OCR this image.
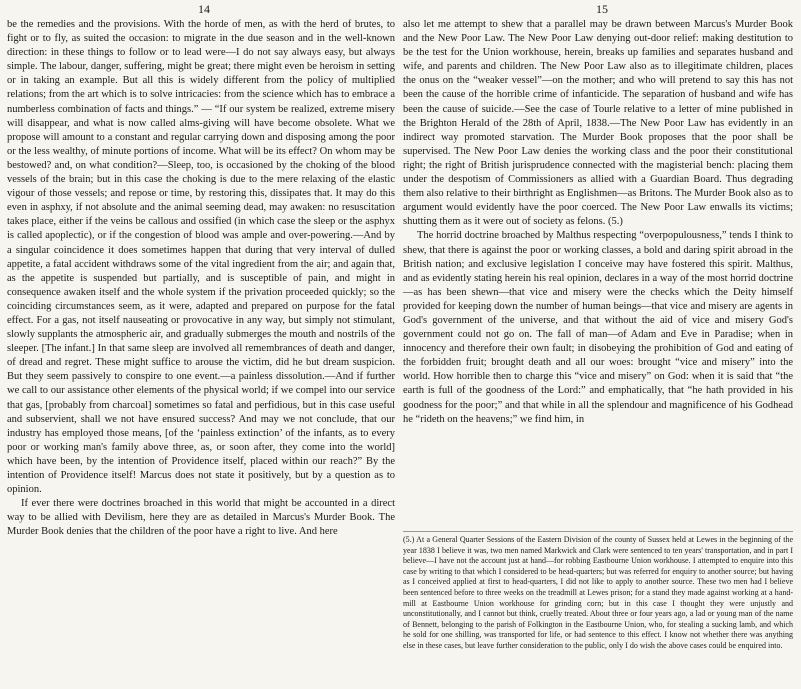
14	15

be the remedies and the provisions. With the horde of men, as with the herd of brutes, to fight or to fly, as suited the occasion: to migrate in the due season and in the well-known direction: in these things to follow or to lead were—I do not say always easy, but always simple. The labour, danger, suffering, might be great; there might even be heroism in setting or in taking an example. But all this is widely different from the policy of multiplied relations; from the art which is to solve intricacies: from the science which has to embrace a numberless combination of facts and things.” — “If our system be realized, extreme misery will disappear, and what is now called alms-giving will have become obsolete. What we propose will amount to a constant and regular carrying down and disposing among the poor or the less wealthy, of minute portions of income. What will be its effect? On whom may be bestowed? and, on what condition?—Sleep, too, is occasioned by the choking of the blood vessels of the brain; but in this case the choking is due to the mere relaxing of the elastic vigour of those vessels; and repose or time, by restoring this, dissipates that. It may do this even in asphxy, if not absolute and the animal seeming dead, may awaken: no resuscitation takes place, either if the veins be callous and ossified (in which case the sleep or the asphyx is called apoplectic), or if the congestion of blood was ample and over-powering.—And by a singular coincidence it does sometimes happen that during that very interval of dulled appetite, a fatal accident withdraws some of the vital ingredient from the air; and again that, as the appetite is suspended but partially, and is susceptible of pain, and might in consequence awaken itself and the whole system if the privation proceeded quickly; so the coinciding circumstances seem, as it were, adapted and prepared on purpose for the fatal effect. For a gas, not itself nauseating or provocative in any way, but simply not stimulant, slowly supplants the atmospheric air, and gradually submerges the mouth and nostrils of the sleeper. [The infant.] In that same sleep are involved all remembrances of death and danger, of dread and regret. These might suffice to arouse the victim, did he but dream suspicion. But they seem passively to conspire to one event.—a painless dissolution.—And if further we call to our assistance other elements of the physical world; if we compel into our service that gas, [probably from charcoal] sometimes so fatal and perfidious, but in this case useful and subservient, shall we not have ensured success? And may we not conclude, that our industry has employed those means, [of the ‘painless extinction’ of the infants, as to every poor or working man's family above three, as, or soon after, they come into the world] which have been, by the intention of Providence itself, placed within our reach?” By the intention of Providence itself! Marcus does not state it positively, but by a question as to opinion.

If ever there were doctrines broached in this world that might be accounted in a direct way to be allied with Devilism, here they are as detailed in Marcus's Murder Book. The Murder Book denies that the children of the poor have a right to live. And here

also let me attempt to shew that a parallel may be drawn between Marcus's Murder Book and the New Poor Law. The New Poor Law denying out-door relief: making destitution to be the test for the Union workhouse, herein, breaks up families and separates husband and wife, and parents and children. The New Poor Law also as to illegitimate children, places the onus on the “weaker vessel”—on the mother; and who will pretend to say this has not been the cause of the horrible crime of infanticide. The separation of husband and wife has been the cause of suicide.—See the case of Tourle relative to a letter of mine published in the Brighton Herald of the 28th of April, 1838.—The New Poor Law has evidently in an indirect way promoted starvation. The Murder Book proposes that the poor shall be supervised. The New Poor Law denies the working class and the poor their constitutional right; the right of British jurisprudence connected with the magisterial bench: placing them under the despotism of Commissioners as allied with a Guardian Board. Thus degrading them also relative to their birthright as Englishmen—as Britons. The Murder Book also as to argument would evidently have the poor coerced. The New Poor Law enwalls its victims; shutting them as it were out of society as felons. (5.)

The horrid doctrine broached by Malthus respecting “overpopulousness,” tends I think to shew, that there is against the poor or working classes, a bold and daring spirit abroad in the British nation; and exclusive legislation I conceive may have fostered this spirit. Malthus, and as evidently stating herein his real opinion, declares in a way of the most horrid doctrine—as has been shewn—that vice and misery were the checks which the Deity himself provided for keeping down the number of human beings—that vice and misery are agents in God's government of the universe, and that without the aid of vice and misery God's government could not go on. The fall of man—of Adam and Eve in Paradise; when in innocency and therefore their own fault; in disobeying the prohibition of God and eating of the forbidden fruit; brought death and all our woes: brought “vice and misery” into the world. How horrible then to charge this “vice and misery” on God: when it is said that “the earth is full of the goodness of the Lord:” and emphatically, that “he hath provided in his goodness for the poor;” and that while in all the splendour and magnificence of his Godhead he “rideth on the heavens;” we find him, in

(5.) At a General Quarter Sessions of the Eastern Division of the county of Sussex held at Lewes in the beginning of the year 1838 I believe it was, two men named Markwick and Clark were sentenced to ten years' transportation, and in part I believe—I have not the account just at hand—for robbing Eastbourne Union workhouse. I attempted to enquire into this case by writing to that which I considered to be head-quarters; but was referred for enquiry to another source; but having as I conceived applied at first to head-quarters, I did not like to apply to another source. These two men had I believe been sentenced before to three weeks on the treadmill at Lewes prison; for a stand they made against working at a hand-mill at Eastbourne Union workhouse for grinding corn; but in this case I thought they were unjustly and unconstitutionally, and I cannot but think, cruelly treated. About three or four years ago, a lad or young man of the name of Bennett, belonging to the parish of Folkington in the Eastbourne Union, who, for stealing a sucking lamb, and which he sold for one shilling, was transported for life, or had sentence to this effect. I know not whether there was anything else in these cases, but leave further consideration to the public, only I do wish the above cases could be enquired into.
